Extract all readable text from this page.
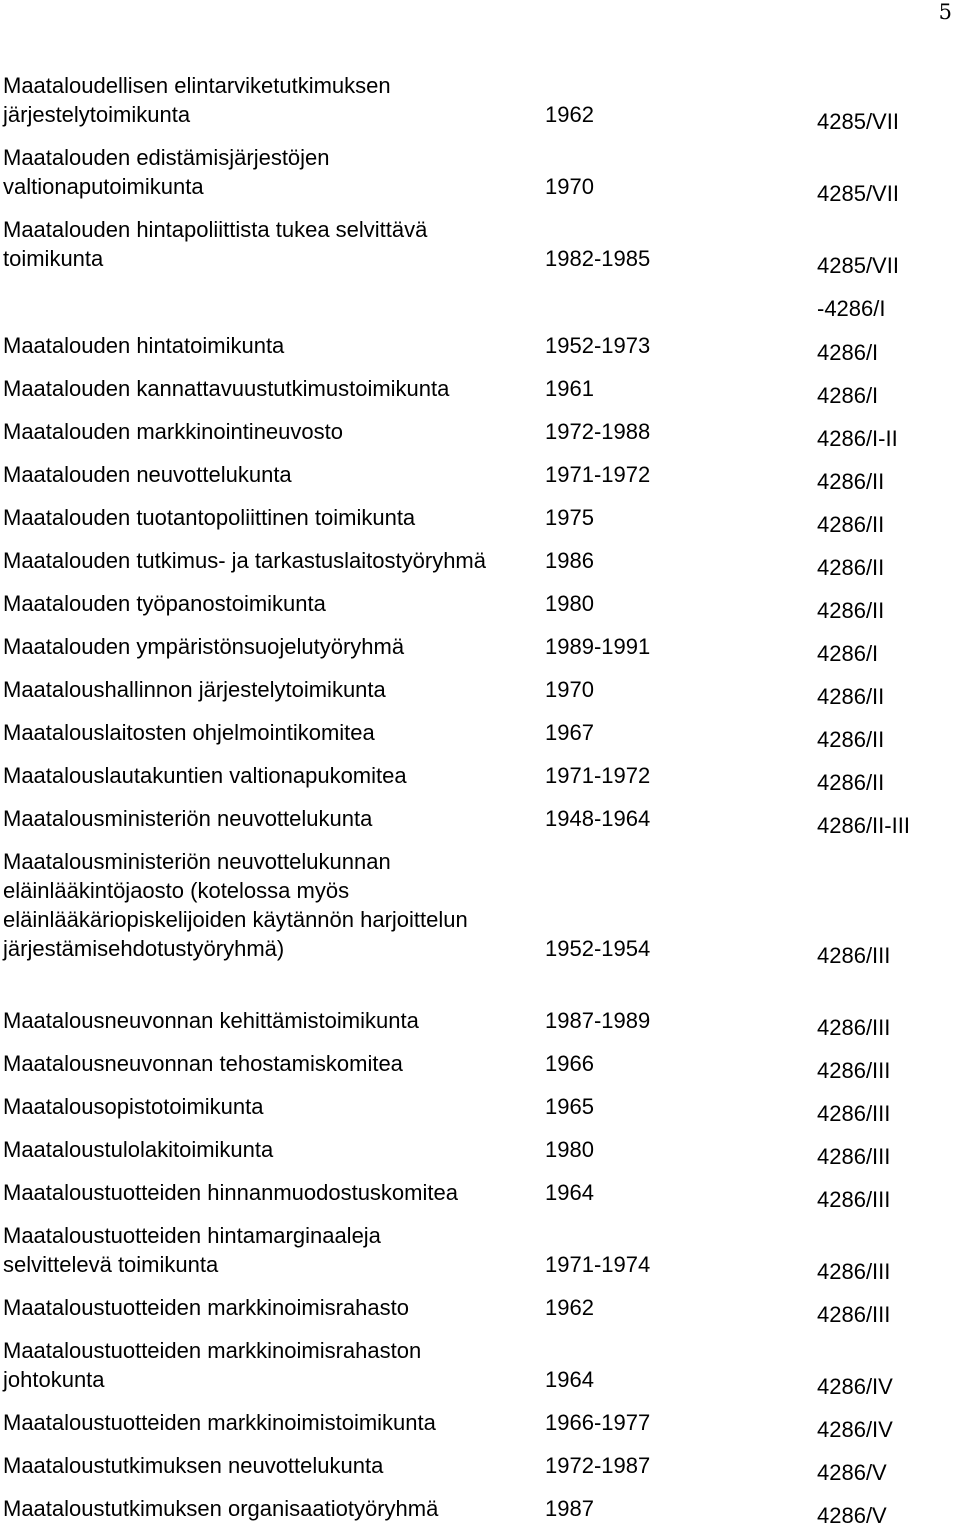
5
Maataloudellisen elintarviketutkimuksen
järjestelytoimikunta	1962	4285/VII
Maatalouden edistämisjärjestöjen
valtionaputoimikunta	1970	4285/VII
Maatalouden hintapoliittista tukea selvittävä
toimikunta	1982-1985	4285/VII
-4286/I
Maatalouden hintatoimikunta	1952-1973	4286/I
Maatalouden kannattavuustutkimustoimikunta	1961	4286/I
Maatalouden markkinointineuvosto	1972-1988	4286/I-II
Maatalouden neuvottelukunta	1971-1972	4286/II
Maatalouden tuotantopoliittinen toimikunta	1975	4286/II
Maatalouden tutkimus- ja tarkastuslaitostyöryhmä	1986	4286/II
Maatalouden työpanostoimikunta	1980	4286/II
Maatalouden ympäristönsuojelutyöryhmä	1989-1991	4286/I
Maataloushallinnon järjestelytoimikunta	1970	4286/II
Maatalouslaitosten ohjelmointikomitea	1967	4286/II
Maatalouslautakuntien valtionapukomitea	1971-1972	4286/II
Maatalousministeriön neuvottelukunta	1948-1964	4286/II-III
Maatalousministeriön neuvottelukunnan
eläinlääkintöjaosto (kotelossa myös
eläinlääkäriopiskelijoiden käytännön harjoittelun
järjestämisehdotustyöryhmä)	1952-1954	4286/III
Maatalousneuvonnan kehittämistoimikunta	1987-1989	4286/III
Maatalousneuvonnan tehostamiskomitea	1966	4286/III
Maatalousopistotoimikunta	1965	4286/III
Maataloustulolakitoimikunta	1980	4286/III
Maataloustuotteiden hinnanmuodostuskomitea	1964	4286/III
Maataloustuotteiden hintamarginaaleja
selvittelevä toimikunta	1971-1974	4286/III
Maataloustuotteiden markkinoimisrahasto	1962	4286/III
Maataloustuotteiden markkinoimisrahaston
johtokunta	1964	4286/IV
Maataloustuotteiden markkinoimistoimikunta	1966-1977	4286/IV
Maataloustutkimuksen neuvottelukunta	1972-1987	4286/V
Maataloustutkimuksen organisaatiotyöryhmä	1987	4286/V
